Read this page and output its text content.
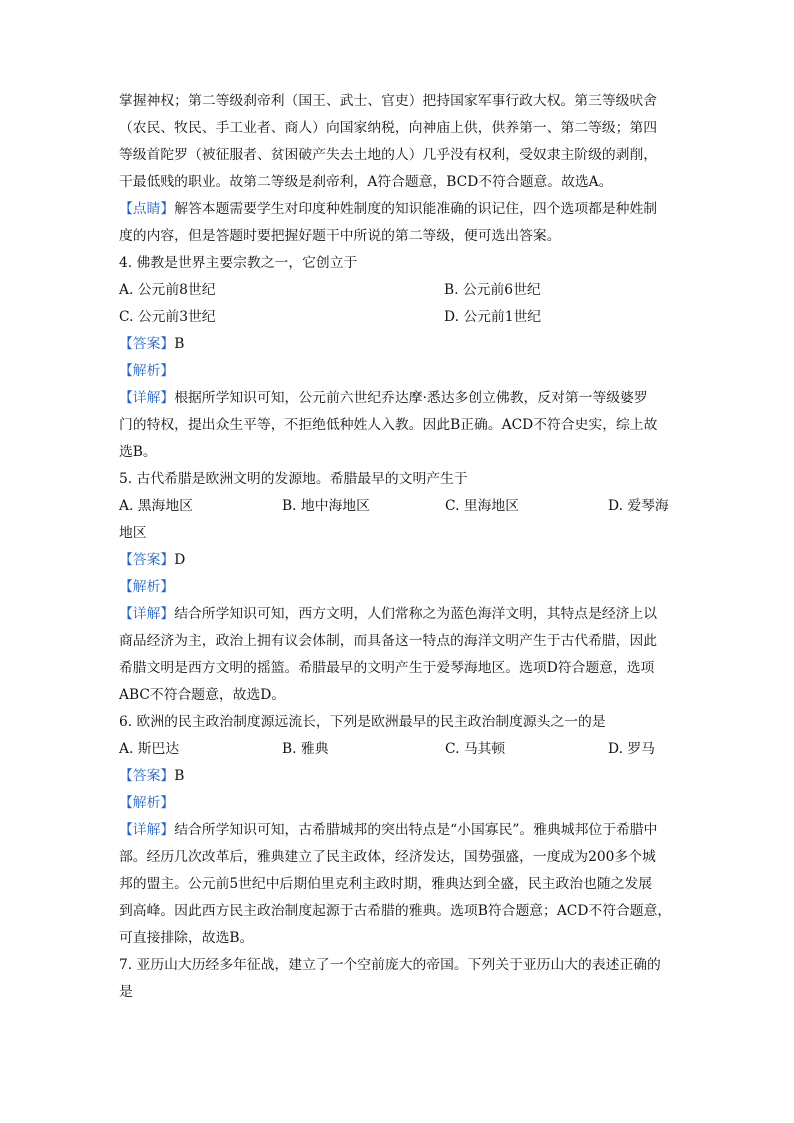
掌握神权；第二等级刹帝利（国王、武士、官吏）把持国家军事行政大权。第三等级吠舍
（农民、牧民、手工业者、商人）向国家纳税，向神庙上供，供养第一、第二等级；第四
等级首陀罗（被征服者、贫困破产失去土地的人）几乎没有权利，受奴隶主阶级的剥削，
干最低贱的职业。故第二等级是刹帝利，A符合题意，BCD不符合题意。故选A。
【点睛】解答本题需要学生对印度种姓制度的知识能准确的识记住，四个选项都是种姓制
度的内容，但是答题时要把握好题干中所说的第二等级，便可选出答案。
4. 佛教是世界主要宗教之一，它创立于
A. 公元前8世纪	B. 公元前6世纪
C. 公元前3世纪	D. 公元前1世纪
【答案】B
【解析】
【详解】根据所学知识可知，公元前六世纪乔达摩·悉达多创立佛教，反对第一等级婆罗
门的特权，提出众生平等，不拒绝低种姓人入教。因此B正确。ACD不符合史实，综上故
选B。
5. 古代希腊是欧洲文明的发源地。希腊最早的文明产生于
A. 黑海地区	B. 地中海地区	C. 里海地区	D. 爱琴海
地区
【答案】D
【解析】
【详解】结合所学知识可知，西方文明，人们常称之为蓝色海洋文明，其特点是经济上以
商品经济为主，政治上拥有议会体制，而具备这一特点的海洋文明产生于古代希腊，因此
希腊文明是西方文明的摇篮。希腊最早的文明产生于爱琴海地区。选项D符合题意，选项
ABC不符合题意，故选D。
6. 欧洲的民主政治制度源远流长，下列是欧洲最早的民主政治制度源头之一的是
A. 斯巴达	B. 雅典	C. 马其顿	D. 罗马
【答案】B
【解析】
【详解】结合所学知识可知，古希腊城邦的突出特点是“小国寡民”。雅典城邦位于希腊中
部。经历几次改革后，雅典建立了民主政体，经济发达，国势强盛，一度成为200多个城
邦的盟主。公元前5世纪中后期伯里克利主政时期，雅典达到全盛，民主政治也随之发展
到高峰。因此西方民主政治制度起源于古希腊的雅典。选项B符合题意；ACD不符合题意，
可直接排除，故选B。
7. 亚历山大历经多年征战，建立了一个空前庞大的帝国。下列关于亚历山大的表述正确的
是
